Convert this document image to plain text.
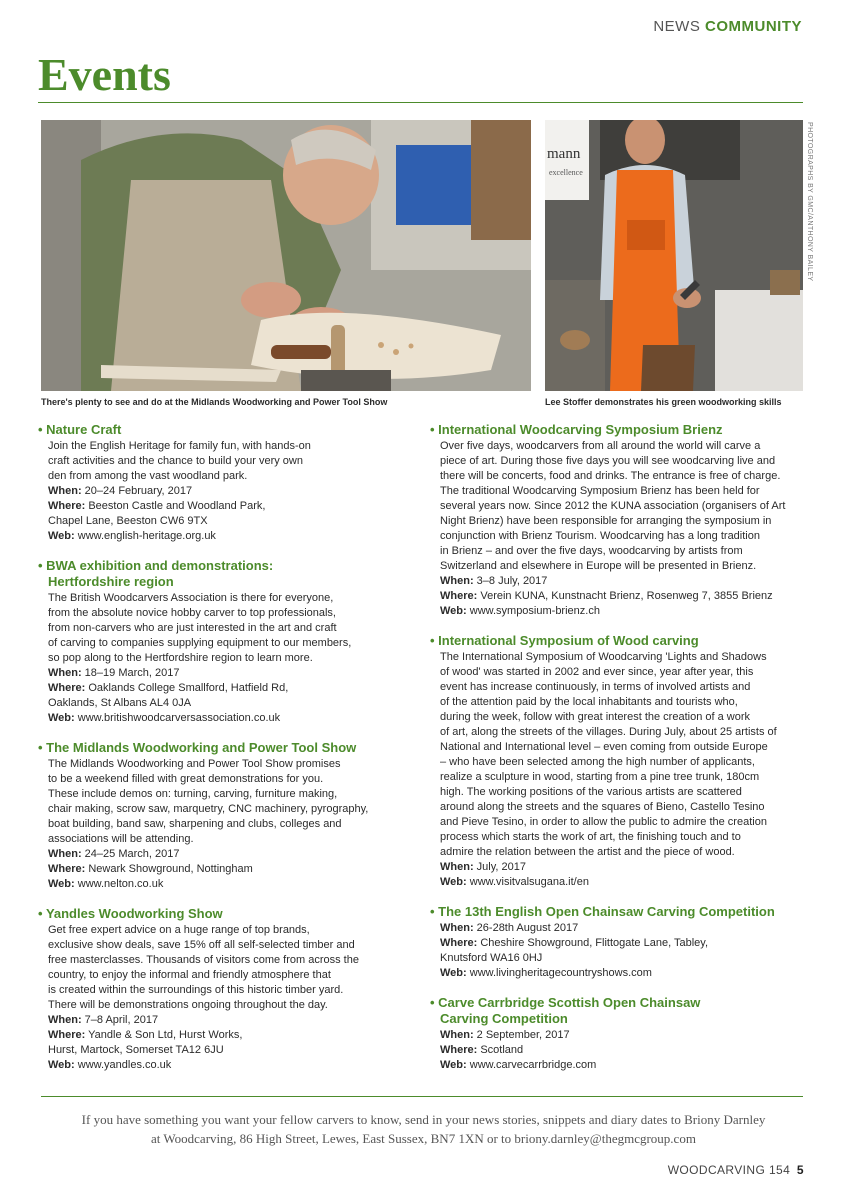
NEWS COMMUNITY
Events
mann
excellence	PHOTOGRAPHS BY GMC/ANTHONY BAILEY
There's plenty to see and do at the Midlands Woodworking and Power Tool Show	Lee Stoffer demonstrates his green woodworking skills
• Nature Craft

Join the English Heritage for family fun, with hands-on

craft activities and the chance to build your very own

den from among the vast woodland park.

When: 20–24 February, 2017

Where: Beeston Castle and Woodland Park,

Chapel Lane, Beeston CW6 9TX

Web: www.english-heritage.org.uk

• BWA exhibition and demonstrations:
Hertfordshire region

The British Woodcarvers Association is there for everyone,

from the absolute novice hobby carver to top professionals,

from non-carvers who are just interested in the art and craft

of carving to companies supplying equipment to our members,

so pop along to the Hertfordshire region to learn more.

When: 18–19 March, 2017

Where: Oaklands College Smallford, Hatfield Rd,

Oaklands, St Albans AL4 0JA

Web: www.britishwoodcarversassociation.co.uk

• The Midlands Woodworking and Power Tool Show

The Midlands Woodworking and Power Tool Show promises

to be a weekend filled with great demonstrations for you.

These include demos on: turning, carving, furniture making,

chair making, scrow saw, marquetry, CNC machinery, pyrography,

boat building, band saw, sharpening and clubs, colleges and

associations will be attending.

When: 24–25 March, 2017

Where: Newark Showground, Nottingham

Web: www.nelton.co.uk

• Yandles Woodworking Show

Get free expert advice on a huge range of top brands,

exclusive show deals, save 15% off all self-selected timber and

free masterclasses. Thousands of visitors come from across the

country, to enjoy the informal and friendly atmosphere that

is created within the surroundings of this historic timber yard.

There will be demonstrations ongoing throughout the day.

When: 7–8 April, 2017

Where: Yandle & Son Ltd, Hurst Works,

Hurst, Martock, Somerset TA12 6JU

Web: www.yandles.co.uk

• International Woodcarving Symposium Brienz

Over five days, woodcarvers from all around the world will carve a

piece of art. During those five days you will see woodcarving live and

there will be concerts, food and drinks. The entrance is free of charge.

The traditional Woodcarving Symposium Brienz has been held for

several years now. Since 2012 the KUNA association (organisers of Art

Night Brienz) have been responsible for arranging the symposium in

conjunction with Brienz Tourism. Woodcarving has a long tradition

in Brienz – and over the five days, woodcarving by artists from

Switzerland and elsewhere in Europe will be presented in Brienz.

When: 3–8 July, 2017

Where: Verein KUNA, Kunstnacht Brienz, Rosenweg 7, 3855 Brienz

Web: www.symposium-brienz.ch

• International Symposium of Wood carving

The International Symposium of Woodcarving 'Lights and Shadows

of wood' was started in 2002 and ever since, year after year, this

event has increase continuously, in terms of involved artists and

of the attention paid by the local inhabitants and tourists who,

during the week, follow with great interest the creation of a work

of art, along the streets of the villages. During July, about 25 artists of

National and International level – even coming from outside Europe

– who have been selected among the high number of applicants,

realize a sculpture in wood, starting from a pine tree trunk, 180cm

high. The working positions of the various artists are scattered

around along the streets and the squares of Bieno, Castello Tesino

and Pieve Tesino, in order to allow the public to admire the creation

process which starts the work of art, the finishing touch and to

admire the relation between the artist and the piece of wood.

When: July, 2017

Web: www.visitvalsugana.it/en

• The 13th English Open Chainsaw Carving Competition

When: 26-28th August 2017

Where: Cheshire Showground, Flittogate Lane, Tabley,

Knutsford WA16 0HJ

Web: www.livingheritagecountryshows.com

• Carve Carrbridge Scottish Open Chainsaw
Carving Competition

When: 2 September, 2017

Where: Scotland

Web: www.carvecarrbridge.com

If you have something you want your fellow carvers to know, send in your news stories, snippets and diary dates to Briony Darnley
at Woodcarving, 86 High Street, Lewes, East Sussex, BN7 1XN or to briony.darnley@thegmcgroup.com
WOODCARVING 154 5
